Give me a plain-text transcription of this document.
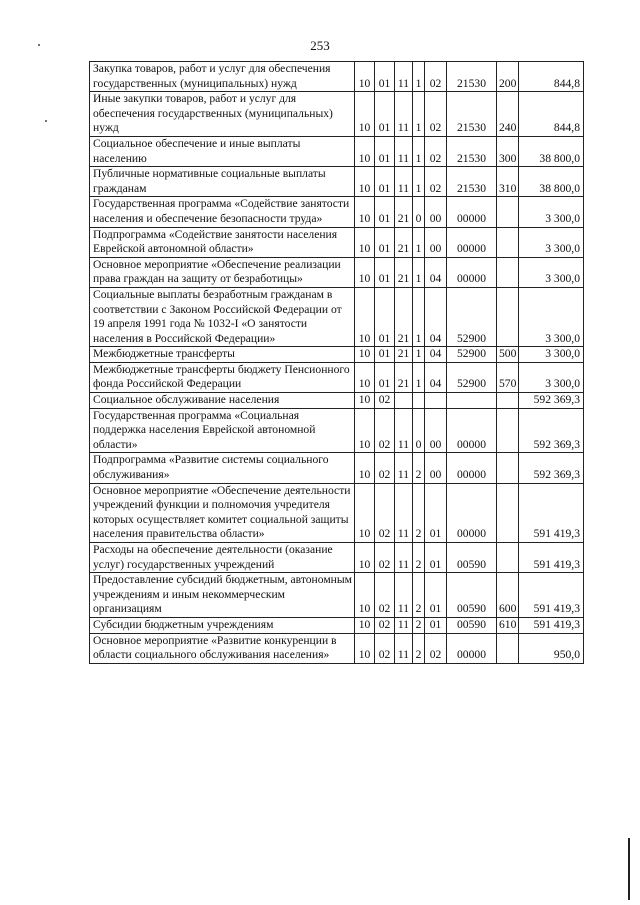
253
Закупка товаров, работ и услуг для обеспечения государственных (муниципальных) нужд	10	01	11	1	02	21530	200	844,8
Иные закупки товаров, работ и услуг для обеспечения государственных (муниципальных) нужд	10	01	11	1	02	21530	240	844,8
Социальное обеспечение и иные выплаты населению	10	01	11	1	02	21530	300	38 800,0
Публичные нормативные социальные выплаты гражданам	10	01	11	1	02	21530	310	38 800,0
Государственная программа «Содействие занятости населения и обеспечение безопасности труда»	10	01	21	0	00	00000		3 300,0
Подпрограмма «Содействие занятости населения Еврейской автономной области»	10	01	21	1	00	00000		3 300,0
Основное мероприятие «Обеспечение реализации права граждан на защиту от безработицы»	10	01	21	1	04	00000		3 300,0
Социальные выплаты безработным гражданам в соответствии с Законом Российской Федерации от 19 апреля 1991 года № 1032-I «О занятости населения в Российской Федерации»	10	01	21	1	04	52900		3 300,0
Межбюджетные трансферты	10	01	21	1	04	52900	500	3 300,0
Межбюджетные трансферты бюджету Пенсионного фонда Российской Федерации	10	01	21	1	04	52900	570	3 300,0
Социальное обслуживание населения	10	02						592 369,3
Государственная программа «Социальная поддержка населения Еврейской автономной области»	10	02	11	0	00	00000		592 369,3
Подпрограмма «Развитие системы социального обслуживания»	10	02	11	2	00	00000		592 369,3
Основное мероприятие «Обеспечение деятельности учреждений функции и полномочия учредителя которых осуществляет комитет социальной защиты населения правительства области»	10	02	11	2	01	00000		591 419,3
Расходы на обеспечение деятельности (оказание услуг) государственных учреждений	10	02	11	2	01	00590		591 419,3
Предоставление субсидий бюджетным, автономным учреждениям и иным некоммерческим организациям	10	02	11	2	01	00590	600	591 419,3
Субсидии бюджетным учреждениям	10	02	11	2	01	00590	610	591 419,3
Основное мероприятие «Развитие конкуренции в области социального обслуживания населения»	10	02	11	2	02	00000		950,0
